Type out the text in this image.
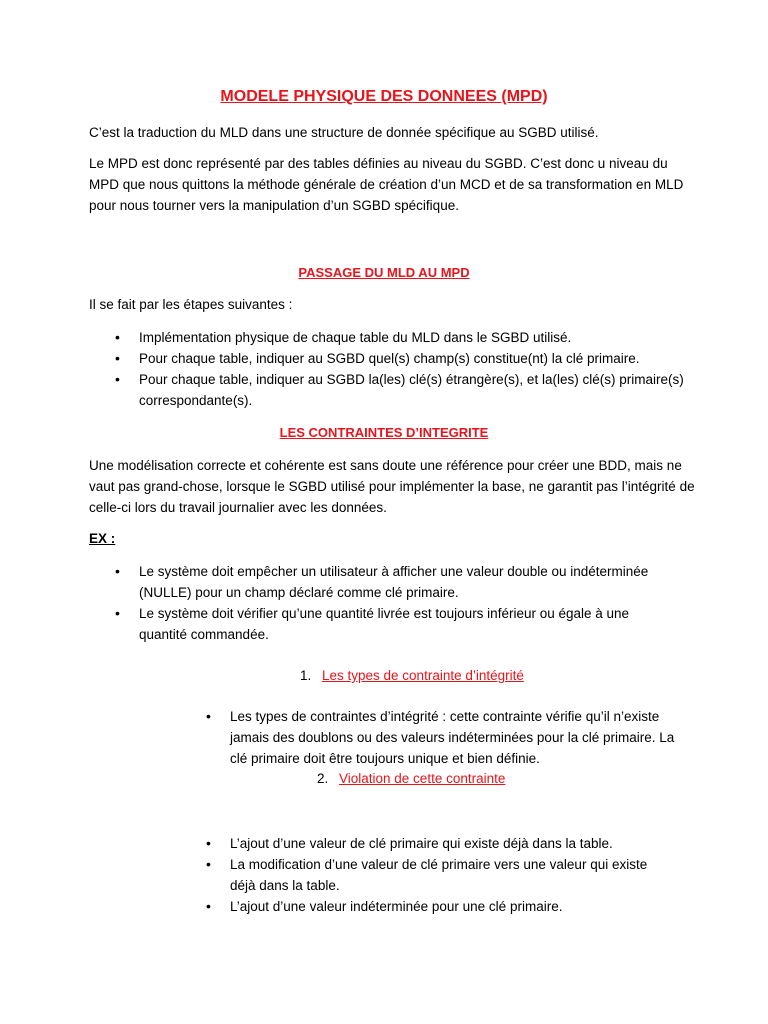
MODELE PHYSIQUE DES DONNEES (MPD)

C’est la traduction du MLD dans une structure de donnée spécifique au SGBD utilisé.

Le MPD est donc représenté par des tables définies au niveau du SGBD. C’est donc u niveau du MPD que nous quittons la méthode générale de création d’un MCD et de sa transformation en MLD pour nous tourner vers la manipulation d’un SGBD spécifique.

PASSAGE DU MLD AU MPD

Il se fait par les étapes suivantes :

• Implémentation physique de chaque table du MLD dans le SGBD utilisé.
• Pour chaque table, indiquer au SGBD quel(s) champ(s) constitue(nt) la clé primaire.
• Pour chaque table, indiquer au SGBD la(les) clé(s) étrangère(s), et la(les) clé(s) primaire(s) correspondante(s).
LES CONTRAINTES D’INTEGRITE

Une modélisation correcte et cohérente est sans doute une référence pour créer une BDD, mais ne vaut pas grand-chose, lorsque le SGBD utilisé pour implémenter la base, ne garantit pas l’intégrité de celle-ci lors du travail journalier avec les données.

EX :

• Le système doit empêcher un utilisateur à afficher une valeur double ou indéterminée (NULLE) pour un champ déclaré comme clé primaire.
• Le système doit vérifier qu’une quantité livrée est toujours inférieur ou égale à une quantité commandée.

1. Les types de contrainte d’intégrité

• Les types de contraintes d’intégrité : cette contrainte vérifie qu’il n’existe jamais des doublons ou des valeurs indéterminées pour la clé primaire. La clé primaire doit être toujours unique et bien définie.

2. Violation de cette contrainte

• L’ajout d’une valeur de clé primaire qui existe déjà dans la table.
• La modification d’une valeur de clé primaire vers une valeur qui existe déjà dans la table.
• L’ajout d’une valeur indéterminée pour une clé primaire.
